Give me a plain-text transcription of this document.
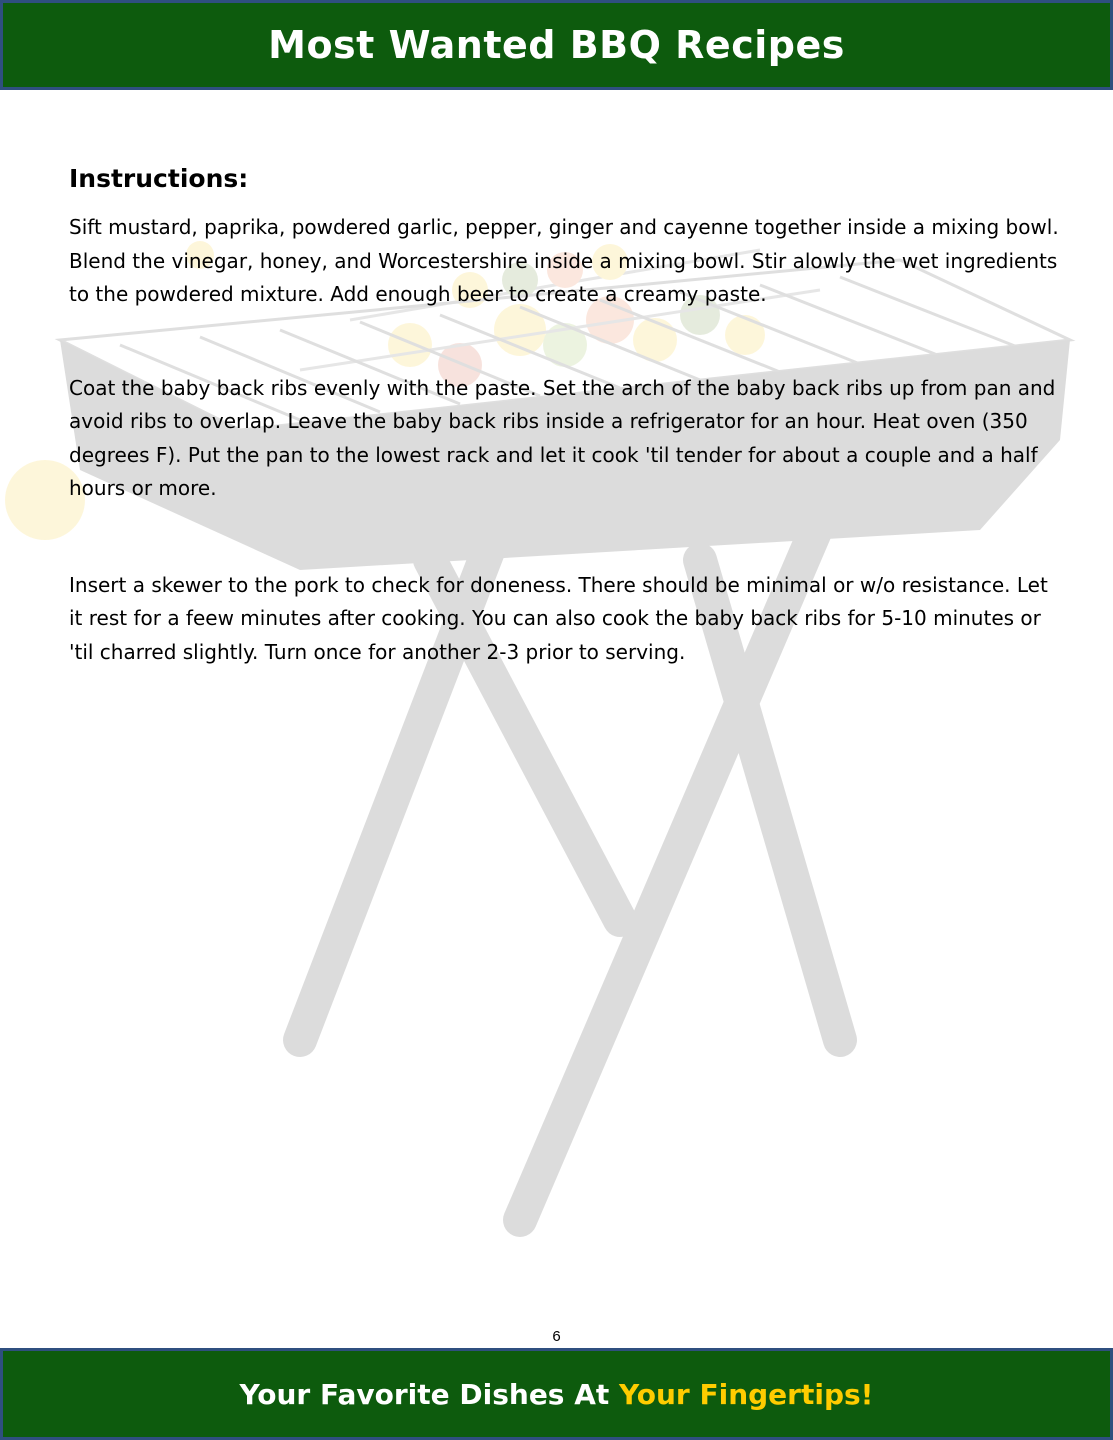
Most Wanted BBQ Recipes
Instructions:

Sift mustard, paprika, powdered garlic, pepper, ginger and cayenne together inside a mixing bowl. Blend the vinegar, honey, and Worcestershire inside a mixing bowl. Stir alowly the wet ingredients to the powdered mixture. Add enough beer to create a creamy paste.

Coat the baby back ribs evenly with the paste. Set the arch of the baby back ribs up from pan and avoid ribs to overlap. Leave the baby back ribs inside a refrigerator for an hour. Heat oven (350 degrees F). Put the pan to the lowest rack and let it cook 'til tender for about a couple and a half hours or more.

Insert a skewer to the pork to check for doneness. There should be minimal or w/o resistance. Let it rest for a feew minutes after cooking. You can also cook the baby back ribs for 5-10 minutes or 'til charred slightly. Turn once for another 2-3 prior to serving.

6
Your Favorite Dishes At Your Fingertips!
